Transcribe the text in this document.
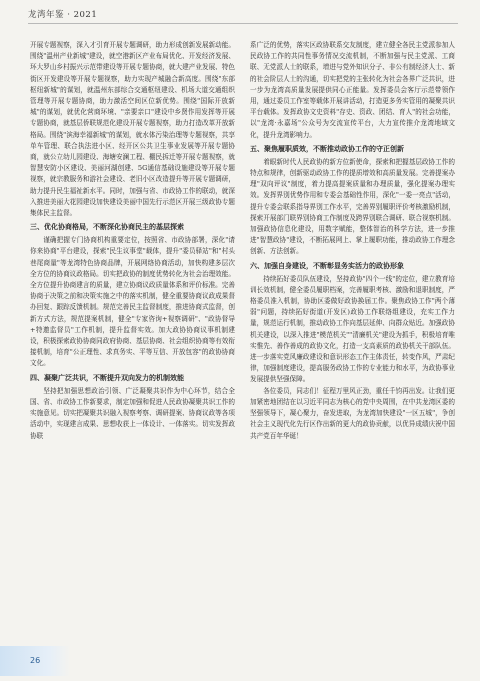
龙湾年鉴 · 2021

开展专题视察，深入才引育开展专题调研，助力形成创新发展新动能。围绕"温州产业新城"建设，就空港新区产业布局优化、开发经济发展、环大罗山乡村振兴示范带建设等开展专题协商，就大建产业发展、特色街区开发建设等开展专题视察，助力实现产城融合新高度。围绕"东部枢纽新城"的谋划，就温州东部综合交通枢纽建设、机场大道交通组织管理等开展专题协商，助力激活空间区位新优势。围绕"国际开放新城"的谋划，就优化营商环境、"亲要亲口"建设中乡贤作用发挥等开展专题协商，就基层侨联规范化建设开展专题视察，助力打造改革开放新格局。围绕"滨海幸福新城"的谋划，就水体污染治理等专题视察，共享单车管理、联合执法进小区、经开区公共卫生事业发展等开展专题协商，就公立幼儿园建设、海塘安澜工程、棚民拆迁等开展专题视察，就智慧安防小区建设、美丽河湖创建、5G通信基础设施建设等开展专题视察，就宗教服务和游社会建设、老旧小区改造提升等开展专题调研，助力提升民生福祉新水平。同时，加强与省、市政协工作的联动，就深入推进美丽大花园建设加快建设美丽中国先行示范区开展三级政协专题集体民主监督。

三、优化协商格局，不断深化协商民主的基层探索

谨确把握专门协商机构重要定位，按照省、市政协部署，深化"请你来协商"平台建设，探索"民生议事堂"载体，提升"委员驿站"和"村头巷尾商量"等龙湾特色协商品牌，开展网络协商活动，加快构建多层次全方位的协商议政格局。切实把政协的制度优势转化为社会治理效能。全方位提升协商建言的质量，建立协商议政质量体系和评价标准。完善协商于决策之前和决策实施之中的落实机制，健全重要协商议政成果督办回复、跟踪反馈机制。规范完善民主监督制度，推进协商式监督，创新方式方法，规范提案机制，健全"专家咨询+视察调研"、"政协督导+特邀监督员"工作机制，提升监督实效。加大政协协商议事机制建设，积极探索政协协商同政府协商、基层协商、社会组织协商等有效衔接机制，培育"公正理性、求真务实、平等互信、开放包容"的政协协商文化。

四、凝聚广泛共识，不断提升双向发力的机制效能

坚持把加强思想政治引领、广泛凝聚共识作为中心环节，结合全国、省、市政协工作新要求，制定加强和促进人民政协凝聚共识工作的实施意见。切实把凝聚共识融入视察考察、调研提案、协商议政等各项活动中，实现建言成果、思想收获上一体设计、一体落实。切实发挥政协联

系广泛的优势，落实区政协联系交友制度，建立健全各民主党派参加人民政协工作的共同性事务情况交流机制，不断加强与民主党派、工商联、无党派人士的联系，增进与党外知识分子、非公有制经济人士、新的社会阶层人士的沟通，切实把党的主张转化为社会各界广泛共识，进一步为龙湾高质量发展提供同心正能量。发挥委员会客厅示范带领作用，通过委员工作室等载体开展讲活动，打造更多务实管用的凝聚共识平台载体。发挥政协文史资料"存史、资政、团结、育人"的社会功能，以"龙湾·永嘉场"公众号为交流宣传平台，大力宣传推介龙湾地域文化，提升龙湾影响力。

五、聚焦履职质效，不断推动政协工作的守正创新

着眼新时代人民政协的新方位新使命，探索和把握基层政协工作的特点和规律，创新驱动政协工作的提质增效和高质量发展。完善提案办理"双向评议"制度，着力提高提案质量和办理质量，强化提案办理实效。发挥界别优势作用和专委会基础性作用，深化"一委一亮点"活动，提升专委会联系指导界别工作水平，完善界别履职评价考核激励机制，探索开展部门联界别协商工作制度及跨界别联合调研、联合视察机制。加强政协信息化建设，用数字赋能，整体智治的科学方法，进一步推进"智慧政协"建设，不断拓展网上、掌上履职功能，推动政协工作理念创新、方法创新。

六、加强自身建设，不断彰显务实活力的政协形象

持续拓好委员队伍建设，坚持政协"四个一线"的定位，建立教育培训长效机制，健全委员履职档案，完善履职考核、激励和退职制度，严格委员准入机制，协助区委做好政协换届工作。聚焦政协工作"两个薄弱"问题，持续拓好街道(开发区)政协工作联络组建设，充实工作力量，规范运行机制，推动政协工作向基层延伸、向群众贴近。加强政协机关建设，以深入推进"模范机关""清廉机关"建设为抓手，积极培育唯实惟先、善作善成的政协文化，打造一支高素质的政协机关干部队伍。进一步落实党风廉政建设和意识形态工作主体责任，转变作风，严肃纪律，加强制度建设，提高服务政协工作的专业能力和水平，为政协事业发展提供坚强保障。

各位委员，同志们！征程万里风正劲，重任千钧再出发。让我们更加紧密地团结在以习近平同志为核心的党中央周围，在中共龙湾区委的坚强领导下，凝心聚力，奋发进取，为龙湾加快建设"一区五城"，争创社会主义现代化先行区作出新的更大的政协贡献，以优异成绩庆祝中国共产党百年华诞！

26
